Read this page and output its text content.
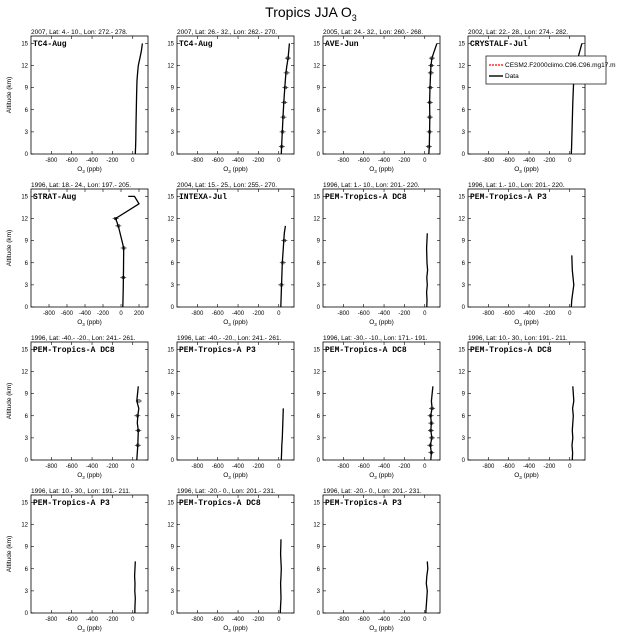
Tropics JJA $O_3$
2007, Lat: 4.- 10., Lon: 272.- 278.
TC4-Aug
0
3
6
9
12
15
-800 -600 -400 -200 0
$O_3$ (ppb)
Altitude (km)
2007, Lat: 26.- 32., Lon: 262.- 270.
TC4-Aug
0
3
6
9
12
15
-800 -600 -400 -200 0
$O_3$ (ppb)
2005, Lat: 24.- 32., Lon: 260.- 268.
AVE-Jun
0
3
6
9
12
15
-800 -600 -400 -200 0
$O_3$ (ppb)
2002, Lat: 22.- 28., Lon: 274.- 282.
CRYSTALF-Jul
0
3
6
9
12
15
-800 -600 -400 -200 0
$O_3$ (ppb)
1996, Lat: 18.- 24., Lon: 197.- 205.
STRAT-Aug
0
3
6
9
12
15
-800 -600 -400 -200 0 200
$O_3$ (ppb)
Altitude (km)
2004, Lat: 15.- 25., Lon: 255.- 270.
INTEXA-Jul
0
3
6
9
12
15
-800 -600 -400 -200 0
$O_3$ (ppb)
1996, Lat: 1.- 10., Lon: 201.- 220.
PEM-Tropics-A DC8
0
3
6
9
12
15
-800 -600 -400 -200 0
$O_3$ (ppb)
1996, Lat: 1.- 10., Lon: 201.- 220.
PEM-Tropics-A P3
0
3
6
9
12
15
-800 -600 -400 -200 0
$O_3$ (ppb)
1996, Lat: -40.- -20., Lon: 241.- 261.
PEM-Tropics-A DC8
0
3
6
9
12
15
-800 -600 -400 -200 0
$O_3$ (ppb)
Altitude (km)
1996, Lat: -40.- -20., Lon: 241.- 261.
PEM-Tropics-A P3
0
3
6
9
12
15
-800 -600 -400 -200 0
$O_3$ (ppb)
1996, Lat: -30.- -10., Lon: 171.- 191.
PEM-Tropics-A DC8
0
3
6
9
12
15
-800 -600 -400 -200 0
$O_3$ (ppb)
1996, Lat: 10.- 30., Lon: 191.- 211.
PEM-Tropics-A DC8
0
3
6
9
12
15
-800 -600 -400 -200 0
$O_3$ (ppb)
1996, Lat: 10.- 30., Lon: 191.- 211.
PEM-Tropics-A P3
0
3
6
9
12
15
-800 -600 -400 -200 0
$O_3$ (ppb)
Altitude (km)
1996, Lat: -20.- 0., Lon: 201.- 231.
PEM-Tropics-A DC8
0
3
6
9
12
15
-800 -600 -400 -200 0
$O_3$ (ppb)
1996, Lat: -20.- 0., Lon: 201.- 231.
PEM-Tropics-A P3
0
3
6
9
12
15
-800 -600 -400 -200 0
$O_3$ (ppb)
CESM2.F2000climo.C96.C96.mg17.m
Data
